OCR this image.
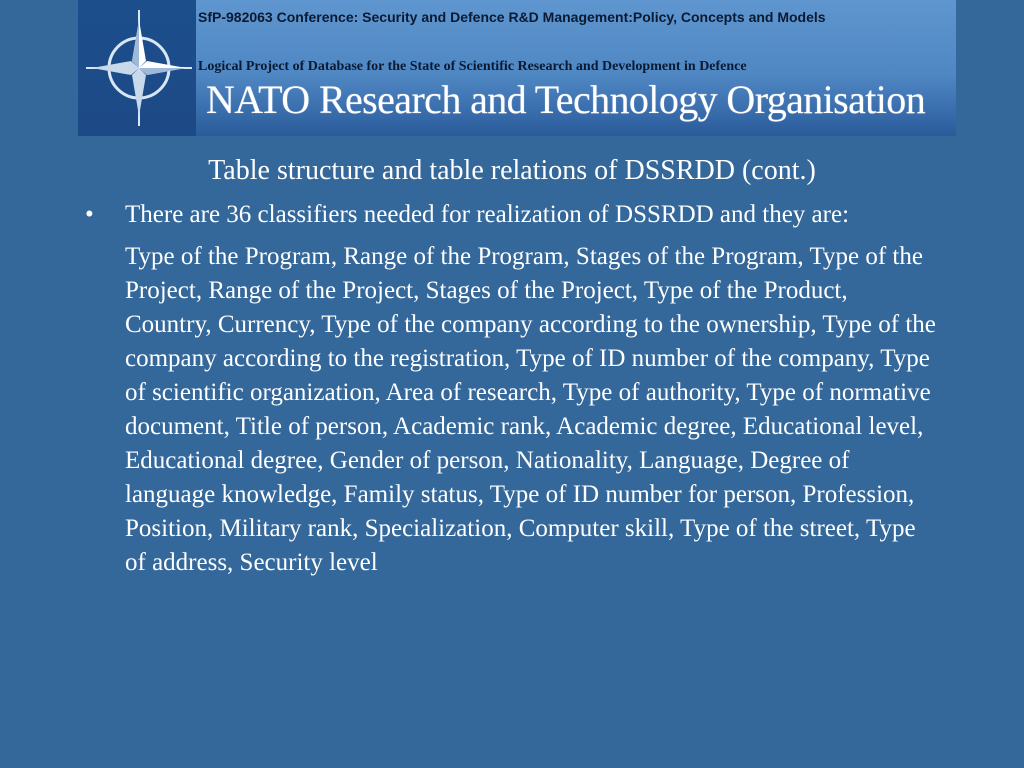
SfP-982063 Conference: Security and Defence R&D Management:Policy, Concepts and Models
Logical Project of Database for the State of Scientific Research and Development in Defence
NATO Research and Technology Organisation
Table structure and table relations of DSSRDD (cont.)
•	There are 36 classifiers needed for realization of DSSRDD and they are:
Type of the Program, Range of the Program, Stages of the Program, Type of the Project, Range of the Project, Stages of the Project, Type of the Product, Country, Currency, Type of the company according to the ownership, Type of the company according to the registration, Type of ID number of the company, Type of scientific organization, Area of research, Type of authority, Type of normative document, Title of person, Academic rank, Academic degree, Educational level, Educational degree, Gender of person, Nationality, Language, Degree of language knowledge, Family status, Type of ID number for person, Profession, Position, Military rank, Specialization, Computer skill, Type of the street, Type of address, Security level
